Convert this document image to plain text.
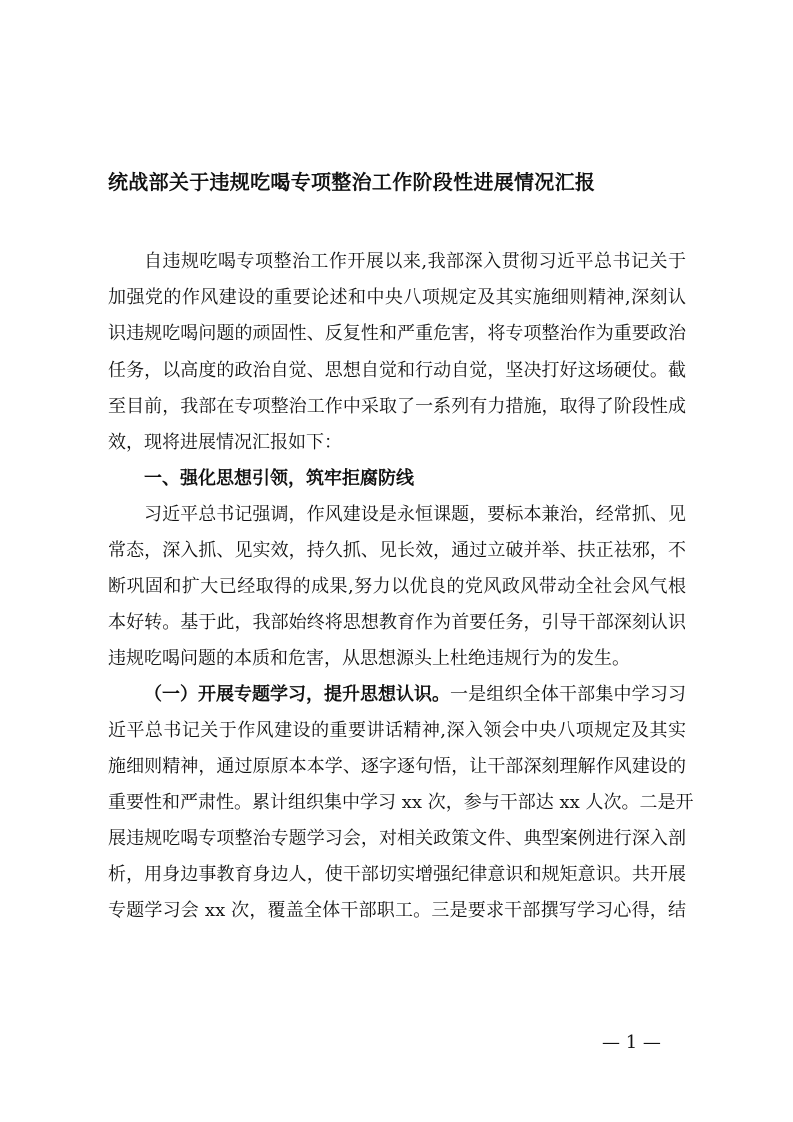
统战部关于违规吃喝专项整治工作阶段性进展情况汇报
自违规吃喝专项整治工作开展以来,我部深入贯彻习近平总书记关于
加强党的作风建设的重要论述和中央八项规定及其实施细则精神,深刻认
识违规吃喝问题的顽固性、反复性和严重危害，将专项整治作为重要政治
任务，以高度的政治自觉、思想自觉和行动自觉，坚决打好这场硬仗。截
至目前，我部在专项整治工作中采取了一系列有力措施，取得了阶段性成
效，现将进展情况汇报如下：
一、强化思想引领，筑牢拒腐防线
习近平总书记强调，作风建设是永恒课题，要标本兼治，经常抓、见
常态，深入抓、见实效，持久抓、见长效，通过立破并举、扶正祛邪，不
断巩固和扩大已经取得的成果,努力以优良的党风政风带动全社会风气根
本好转。基于此，我部始终将思想教育作为首要任务，引导干部深刻认识
违规吃喝问题的本质和危害，从思想源头上杜绝违规行为的发生。
（一）开展专题学习，提升思想认识。 一是组织全体干部集中学习习
近平总书记关于作风建设的重要讲话精神,深入领会中央八项规定及其实
施细则精神，通过原原本本学、逐字逐句悟，让干部深刻理解作风建设的
重要性和严肃性。累计组织集中学习 xx 次，参与干部达 xx 人次。二是开
展违规吃喝专项整治专题学习会，对相关政策文件、典型案例进行深入剖
析，用身边事教育身边人，使干部切实增强纪律意识和规矩意识。共开展
专题学习会 xx 次，覆盖全体干部职工。三是要求干部撰写学习心得，结
— 1 —
